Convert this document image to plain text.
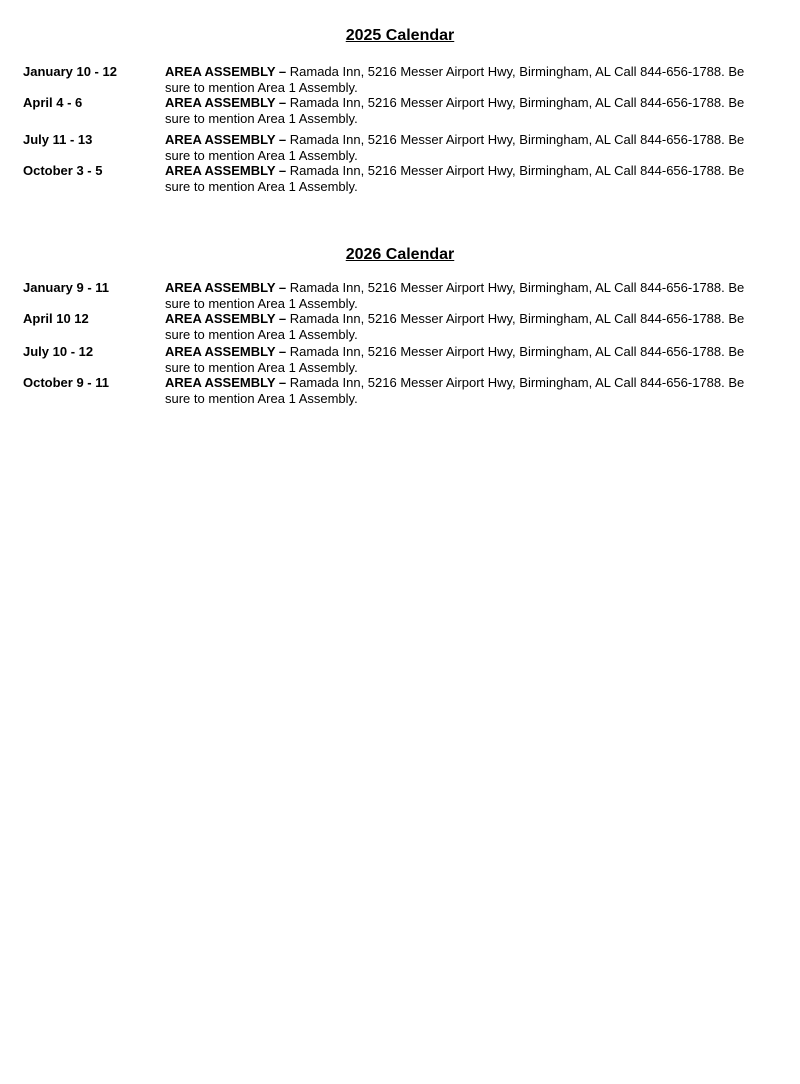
2025 Calendar
January 10 - 12	AREA ASSEMBLY – Ramada Inn, 5216 Messer Airport Hwy, Birmingham, AL Call 844-656-1788. Be sure to mention Area 1 Assembly.
April 4 - 6	AREA ASSEMBLY – Ramada Inn, 5216 Messer Airport Hwy, Birmingham, AL Call 844-656-1788. Be sure to mention Area 1 Assembly.
July 11 - 13	AREA ASSEMBLY – Ramada Inn, 5216 Messer Airport Hwy, Birmingham, AL Call 844-656-1788. Be sure to mention Area 1 Assembly.
October 3 - 5	AREA ASSEMBLY – Ramada Inn, 5216 Messer Airport Hwy, Birmingham, AL Call 844-656-1788. Be sure to mention Area 1 Assembly.
2026 Calendar
January 9 - 11	AREA ASSEMBLY – Ramada Inn, 5216 Messer Airport Hwy, Birmingham, AL Call 844-656-1788. Be sure to mention Area 1 Assembly.
April 10 12	AREA ASSEMBLY – Ramada Inn, 5216 Messer Airport Hwy, Birmingham, AL Call 844-656-1788. Be sure to mention Area 1 Assembly.
July 10 - 12	AREA ASSEMBLY – Ramada Inn, 5216 Messer Airport Hwy, Birmingham, AL Call 844-656-1788. Be sure to mention Area 1 Assembly.
October 9 - 11	AREA ASSEMBLY – Ramada Inn, 5216 Messer Airport Hwy, Birmingham, AL Call 844-656-1788. Be sure to mention Area 1 Assembly.
